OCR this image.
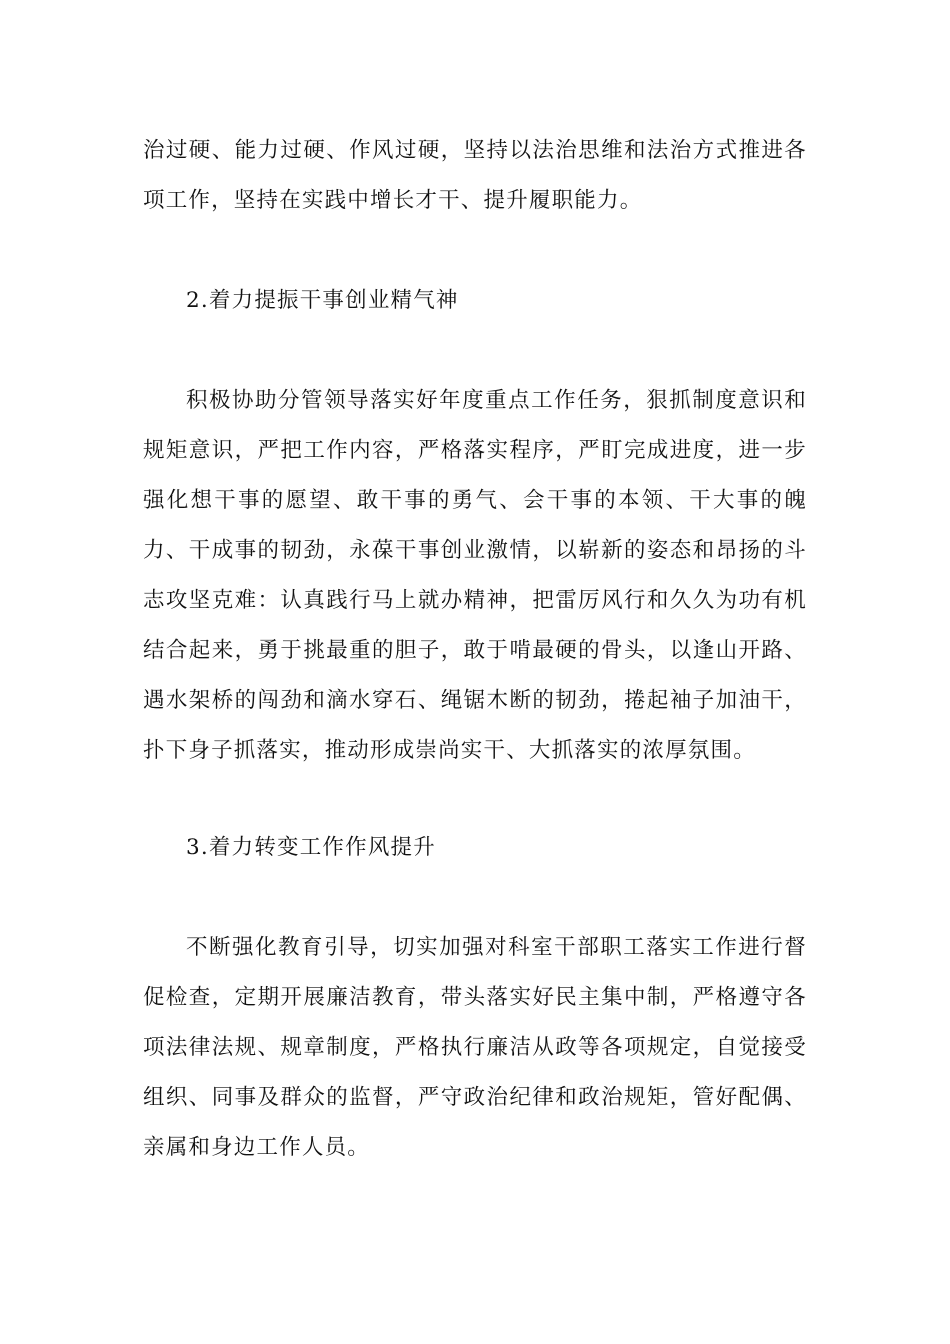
治过硬、能力过硬、作风过硬，坚持以法治思维和法治方式推进各项工作，坚持在实践中增长才干、提升履职能力。

2.着力提振干事创业精气神

积极协助分管领导落实好年度重点工作任务，狠抓制度意识和规矩意识，严把工作内容，严格落实程序，严盯完成进度，进一步强化想干事的愿望、敢干事的勇气、会干事的本领、干大事的魄力、干成事的韧劲，永葆干事创业激情，以崭新的姿态和昂扬的斗志攻坚克难：认真践行马上就办精神，把雷厉风行和久久为功有机结合起来，勇于挑最重的胆子，敢于啃最硬的骨头，以逢山开路、遇水架桥的闯劲和滴水穿石、绳锯木断的韧劲，捲起袖子加油干，扑下身子抓落实，推动形成崇尚实干、大抓落实的浓厚氛围。

3.着力转变工作作风提升

不断强化教育引导，切实加强对科室干部职工落实工作进行督促检查，定期开展廉洁教育，带头落实好民主集中制，严格遵守各项法律法规、规章制度，严格执行廉洁从政等各项规定，自觉接受组织、同事及群众的监督，严守政治纪律和政治规矩，管好配偶、亲属和身边工作人员。
